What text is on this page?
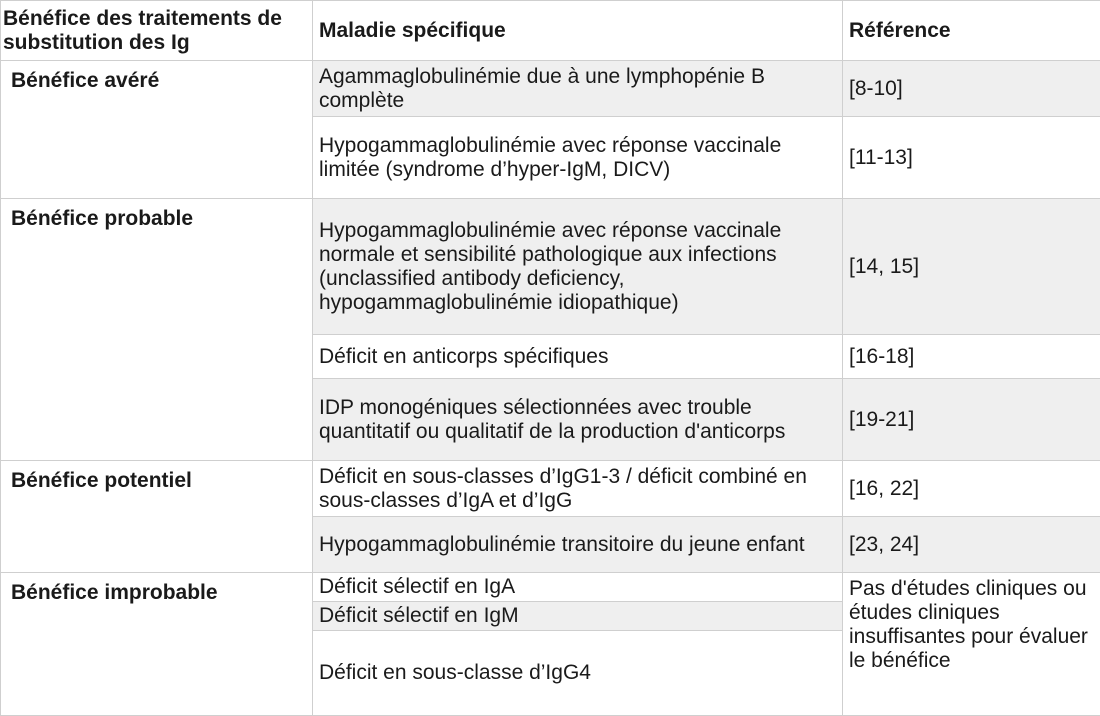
Bénéfice des traitements de substitution des Ig	Maladie spécifique	Référence
Bénéfice avéré	Agammaglobulinémie due à une lymphopénie B complète	[8-10]
	Hypogammaglobulinémie avec réponse vaccinale limitée (syndrome d’hyper-IgM, DICV)	[11-13]
Bénéfice probable	Hypogammaglobulinémie avec réponse vaccinale normale et sensibilité pathologique aux infections (unclassified antibody deficiency, hypogammaglobulinémie idiopathique)	[14, 15]
	Déficit en anticorps spécifiques	[16-18]
	IDP monogéniques sélectionnées avec trouble quantitatif ou qualitatif de la production d'anticorps	[19-21]
Bénéfice potentiel	Déficit en sous-classes d’IgG1-3 / déficit combiné en sous-classes d’IgA et d’IgG	[16, 22]
	Hypogammaglobulinémie transitoire du jeune enfant	[23, 24]
Bénéfice improbable	Déficit sélectif en IgA	Pas d'études cliniques ou études cliniques insuffisantes pour évaluer le bénéfice
	Déficit sélectif en IgM	
	Déficit en sous-classe d’IgG4	
